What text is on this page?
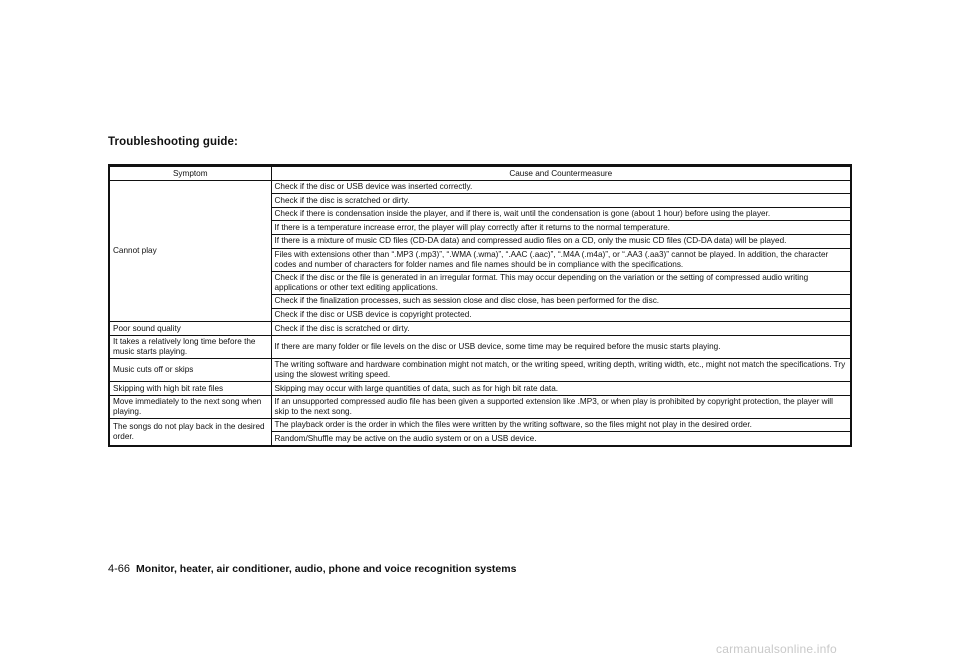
Troubleshooting guide:
Symptom	Cause and Countermeasure
Cannot play	Check if the disc or USB device was inserted correctly.
	Check if the disc is scratched or dirty.
	Check if there is condensation inside the player, and if there is, wait until the condensation is gone (about 1 hour) before using the player.
	If there is a temperature increase error, the player will play correctly after it returns to the normal temperature.
	If there is a mixture of music CD files (CD-DA data) and compressed audio files on a CD, only the music CD files (CD-DA data) will be played.
	Files with extensions other than “.MP3 (.mp3)”, “.WMA (.wma)”, “.AAC (.aac)”, “.M4A (.m4a)”, or “.AA3 (.aa3)” cannot be played. In addition, the character codes and number of characters for folder names and file names should be in compliance with the specifications.
	Check if the disc or the file is generated in an irregular format. This may occur depending on the variation or the setting of compressed audio writing applications or other text editing applications.
	Check if the finalization processes, such as session close and disc close, has been performed for the disc.
	Check if the disc or USB device is copyright protected.
Poor sound quality	Check if the disc is scratched or dirty.
It takes a relatively long time before the music starts playing.	If there are many folder or file levels on the disc or USB device, some time may be required before the music starts playing.
Music cuts off or skips	The writing software and hardware combination might not match, or the writing speed, writing depth, writing width, etc., might not match the specifications. Try using the slowest writing speed.
Skipping with high bit rate files	Skipping may occur with large quantities of data, such as for high bit rate data.
Move immediately to the next song when playing.	If an unsupported compressed audio file has been given a supported extension like .MP3, or when play is prohibited by copyright protection, the player will skip to the next song.
The songs do not play back in the desired order.	The playback order is the order in which the files were written by the writing software, so the files might not play in the desired order.
	Random/Shuffle may be active on the audio system or on a USB device.
4-66 Monitor, heater, air conditioner, audio, phone and voice recognition systems
carmanualsonline.info
